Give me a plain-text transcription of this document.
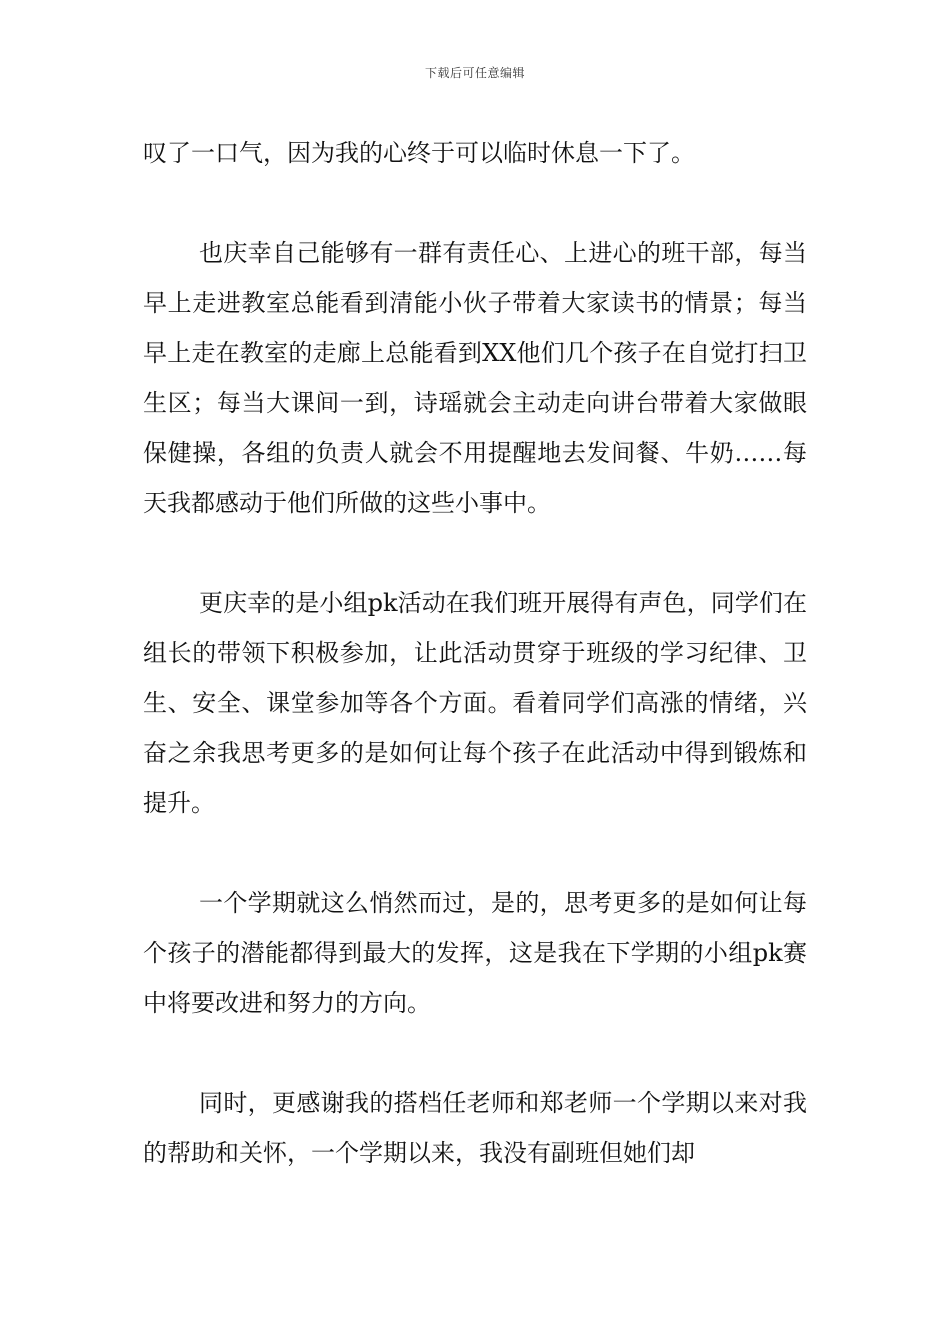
下载后可任意编辑

叹了一口气，因为我的心终于可以临时休息一下了。

也庆幸自己能够有一群有责任心、上进心的班干部，每当早上走进教室总能看到清能小伙子带着大家读书的情景；每当早上走在教室的走廊上总能看到XX他们几个孩子在自觉打扫卫生区；每当大课间一到，诗瑶就会主动走向讲台带着大家做眼保健操，各组的负责人就会不用提醒地去发间餐、牛奶……每天我都感动于他们所做的这些小事中。

更庆幸的是小组pk活动在我们班开展得有声色，同学们在组长的带领下积极参加，让此活动贯穿于班级的学习纪律、卫生、安全、课堂参加等各个方面。看着同学们高涨的情绪，兴奋之余我思考更多的是如何让每个孩子在此活动中得到锻炼和提升。

一个学期就这么悄然而过，是的，思考更多的是如何让每个孩子的潜能都得到最大的发挥，这是我在下学期的小组pk赛中将要改进和努力的方向。

同时，更感谢我的搭档任老师和郑老师一个学期以来对我的帮助和关怀，一个学期以来，我没有副班但她们却
